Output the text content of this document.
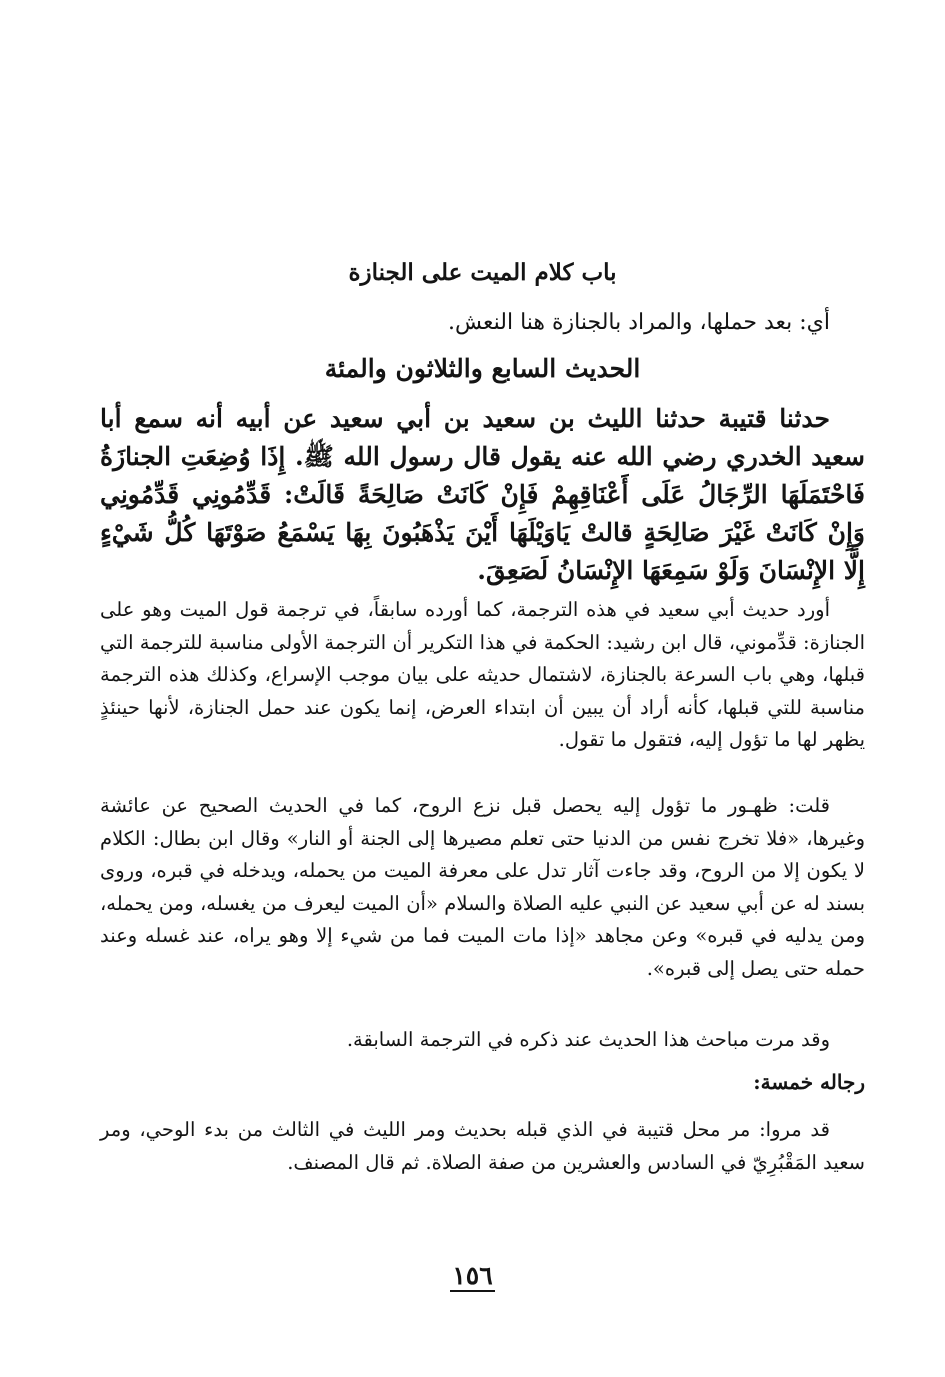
باب كلام الميت على الجنازة

أي: بعد حملها، والمراد بالجنازة هنا النعش.

الحديث السابع والثلاثون والمئة

حدثنا قتيبة حدثنا الليث بن سعيد بن أبي سعيد عن أبيه أنه سمع أبا سعيد الخدري رضي الله عنه يقول قال رسول الله ﷺ. إِذَا وُضِعَتِ الجنازَةُ فَاحْتَمَلَهَا الرِّجَالُ عَلَى أَعْنَاقِهِمْ فَإِنْ كَانَتْ صَالِحَةً قَالَتْ: قَدِّمُونِي قَدِّمُونِي وَإِنْ كَانَتْ غَيْرَ صَالِحَةٍ قالتْ يَاوَيْلَهَا أَيْنَ يَذْهَبُونَ بِهَا يَسْمَعُ صَوْتَهَا كُلُّ شَيْءٍ إِلَّا الإِنْسَانَ وَلَوْ سَمِعَهَا الإِنْسَانُ لَصَعِقَ.

أورد حديث أبي سعيد في هذه الترجمة، كما أورده سابقاً، في ترجمة قول الميت وهو على الجنازة: قدِّموني، قال ابن رشيد: الحكمة في هذا التكرير أن الترجمة الأولى مناسبة للترجمة التي قبلها، وهي باب السرعة بالجنازة، لاشتمال حديثه على بيان موجب الإسراع، وكذلك هذه الترجمة مناسبة للتي قبلها، كأنه أراد أن يبين أن ابتداء العرض، إنما يكون عند حمل الجنازة، لأنها حينئذٍ يظهر لها ما تؤول إليه، فتقول ما تقول.

قلت: ظهـور ما تؤول إليه يحصل قبل نزع الروح، كما في الحديث الصحيح عن عائشة وغيرها، «فلا تخرج نفس من الدنيا حتى تعلم مصيرها إلى الجنة أو النار» وقال ابن بطال: الكلام لا يكون إلا من الروح، وقد جاءت آثار تدل على معرفة الميت من يحمله، ويدخله في قبره، وروى بسند له عن أبي سعيد عن النبي عليه الصلاة والسلام «أن الميت ليعرف من يغسله، ومن يحمله، ومن يدليه في قبره» وعن مجاهد «إذا مات الميت فما من شيء إلا وهو يراه، عند غسله وعند حمله حتى يصل إلى قبره».

وقد مرت مباحث هذا الحديث عند ذكره في الترجمة السابقة.

رجاله خمسة:

قد مروا: مر محل قتيبة في الذي قبله بحديث ومر الليث في الثالث من بدء الوحي، ومر سعيد المَقْبُرِيّ في السادس والعشرين من صفة الصلاة. ثم قال المصنف.

١٥٦
